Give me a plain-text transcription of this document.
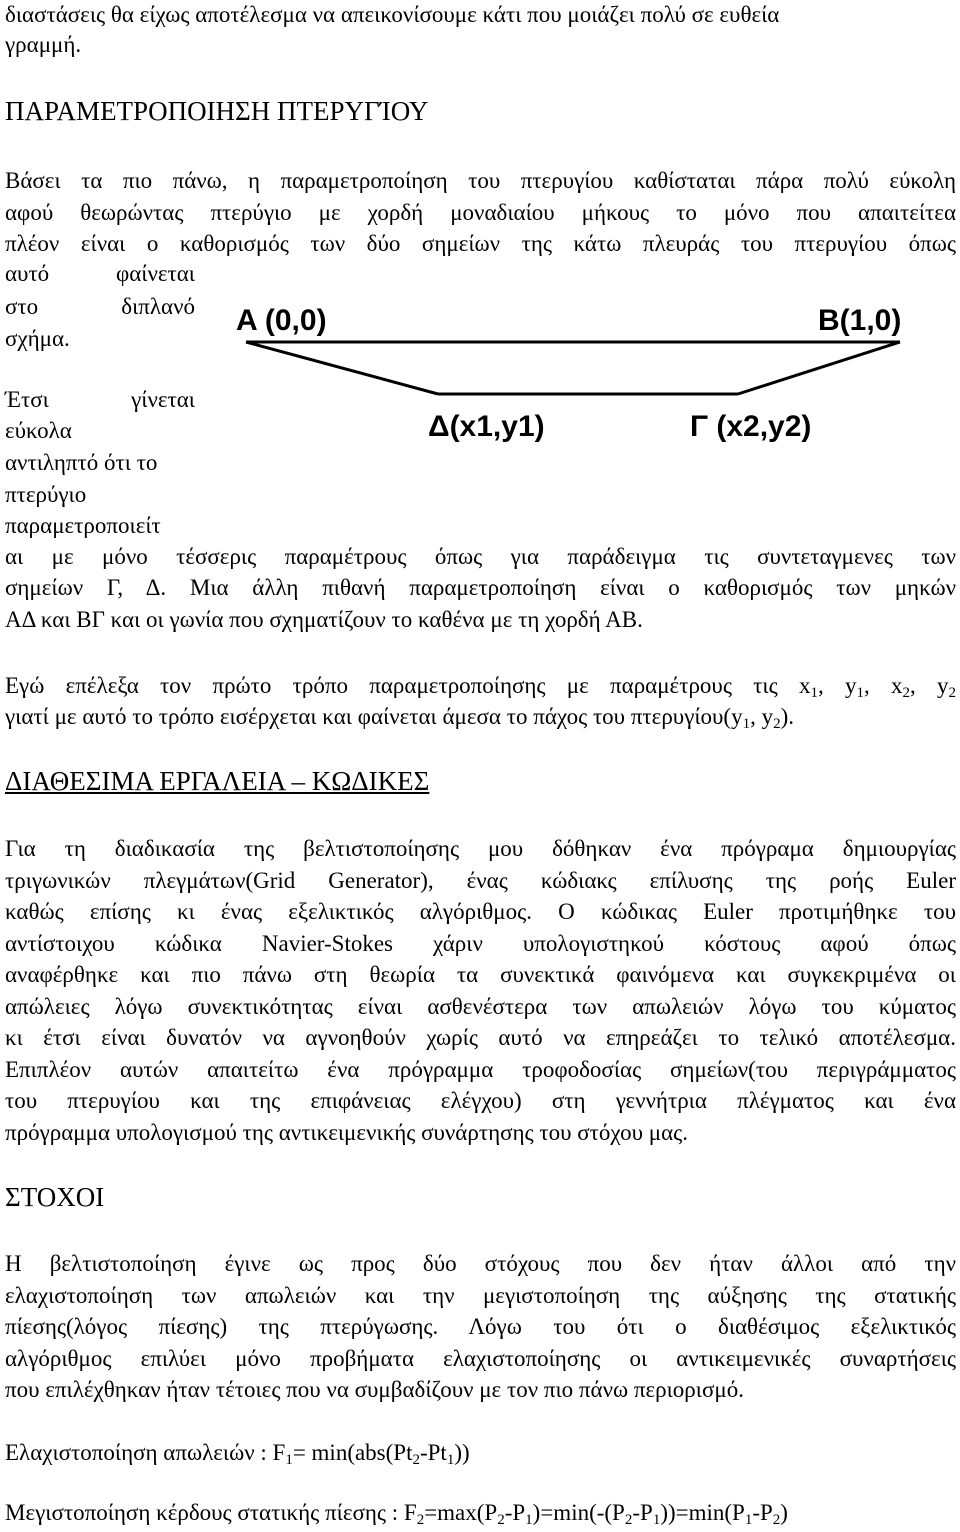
διαστάσεις θα είχως αποτέλεσμα να απεικονίσουμε κάτι που μοιάζει πολύ σε ευθεία
γραμμή.
ΠΑΡΑΜΕΤΡΟΠΟΙΗΣΗ ΠΤΕΡΥΓΊΟΥ
Βάσει τα πιο πάνω, η παραμετροποίηση του πτερυγίου καθίσταται πάρα πολύ εύκολη
αφού θεωρώντας πτερύγιο με χορδή μοναδιαίου μήκους το μόνο που απαιτείτεα
πλέον είναι ο καθορισμός των δύο σημείων της κάτω πλευράς του πτερυγίου όπως
αυτό φαίνεται
στο διπλανό
σχήμα.
Έτσι γίνεται
εύκολα
αντιληπτό ότι το
πτερύγιο
παραμετροποιείτ
A (0,0)	B(1,0)
Δ(x1,y1)	Γ (x2,y2)
αι με μόνο τέσσερις παραμέτρους όπως για παράδειγμα τις συντεταγμενες των
σημείων Γ, Δ. Μια άλλη πιθανή παραμετροποίηση είναι ο καθορισμός των μηκών
ΑΔ και ΒΓ και οι γωνία που σχηματίζουν το καθένα με τη χορδή ΑΒ.
Εγώ επέλεξα τον πρώτο τρόπο παραμετροποίησης με παραμέτρους τις $x_1$, $y_1$, $x_2$, $y_2$
γιατί με αυτό το τρόπο εισέρχεται και φαίνεται άμεσα το πάχος του $\pi\tau\varepsilon\rho\upsilon\gamma ίo\upsilon(y_1$, $y_2$).
ΔΙΑΘΕΣΙΜΑ ΕΡΓΑΛΕΙΑ – ΚΩΔΙΚΕΣ
Για τη διαδικασία της βελτιστοποίησης μου δόθηκαν ένα πρόγραμα δημιουργίας
τριγωνικών πλεγμάτων(Grid Generator), ένας κώδιακς επίλυσης της ροής Euler
καθώς επίσης κι ένας εξελικτικός αλγόριθμος. Ο κώδικας Euler προτιμήθηκε του
αντίστοιχου κώδικα Navier-Stokes χάριν υπολογιστηκού κόστους αφού όπως
αναφέρθηκε και πιο πάνω στη θεωρία τα συνεκτικά φαινόμενα και συγκεκριμένα οι
απώλειες λόγω συνεκτικότητας είναι ασθενέστερα των απωλειών λόγω του κύματος
κι έτσι είναι δυνατόν να αγνοηθούν χωρίς αυτό να επηρεάζει το τελικό αποτέλεσμα.
Επιπλέον αυτών απαιτείτω ένα πρόγραμμα τροφοδοσίας σημείων(του περιγράμματος
του πτερυγίου και της επιφάνειας ελέγχου) στη γεννήτρια πλέγματος και ένα
πρόγραμμα υπολογισμού της αντικειμενικής συνάρτησης του στόχου μας.
ΣΤΟΧΟΙ
Η βελτιστοποίηση έγινε ως προς δύο στόχους που δεν ήταν άλλοι από την
ελαχιστοποίηση των απωλειών και την μεγιστοποίηση της αύξησης της στατικής
πίεσης(λόγος πίεσης) της πτερύγωσης. Λόγω του ότι ο διαθέσιμος εξελικτικός
αλγόριθμος επιλύει μόνο προβήματα ελαχιστοποίησης οι αντικειμενικές συναρτήσεις
που επιλέχθηκαν ήταν τέτοιες που να συμβαδίζουν με τον πιο πάνω περιορισμό.
Ελαχιστοποίηση απωλειών : $F_1= \min(abs(Pt_2-Pt_1))$
Μεγιστοποίηση κέρδους στατικής πίεσης : $F_2=\max(P_2-P_1)=\min(-(P_2-P_1))=\min(P_1-P_2)$
